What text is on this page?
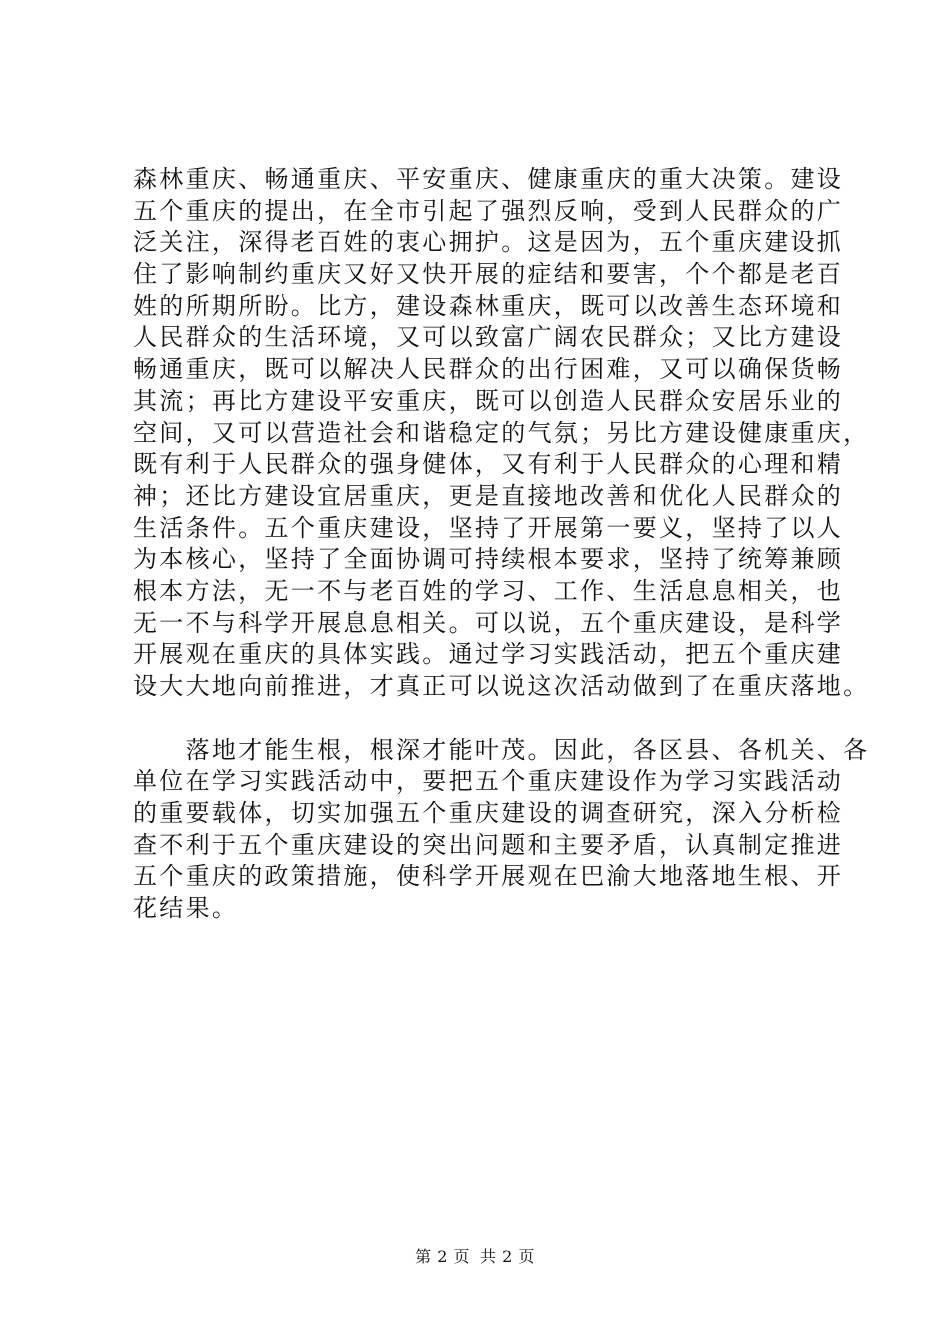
森林重庆、畅通重庆、平安重庆、健康重庆的重大决策。建设
五个重庆的提出，在全市引起了强烈反响，受到人民群众的广
泛关注，深得老百姓的衷心拥护。这是因为，五个重庆建设抓
住了影响制约重庆又好又快开展的症结和要害，个个都是老百
姓的所期所盼。比方，建设森林重庆，既可以改善生态环境和
人民群众的生活环境，又可以致富广阔农民群众；又比方建设
畅通重庆，既可以解决人民群众的出行困难，又可以确保货畅
其流；再比方建设平安重庆，既可以创造人民群众安居乐业的
空间，又可以营造社会和谐稳定的气氛；另比方建设健康重庆，
既有利于人民群众的强身健体，又有利于人民群众的心理和精
神；还比方建设宜居重庆，更是直接地改善和优化人民群众的
生活条件。五个重庆建设，坚持了开展第一要义，坚持了以人
为本核心，坚持了全面协调可持续根本要求，坚持了统筹兼顾
根本方法，无一不与老百姓的学习、工作、生活息息相关，也
无一不与科学开展息息相关。可以说，五个重庆建设，是科学
开展观在重庆的具体实践。通过学习实践活动，把五个重庆建
设大大地向前推进，才真正可以说这次活动做到了在重庆落地。
　　落地才能生根，根深才能叶茂。因此，各区县、各机关、各
单位在学习实践活动中，要把五个重庆建设作为学习实践活动
的重要载体，切实加强五个重庆建设的调查研究，深入分析检
查不利于五个重庆建设的突出问题和主要矛盾，认真制定推进
五个重庆的政策措施，使科学开展观在巴渝大地落地生根、开
花结果。
第 2 页 共 2 页
